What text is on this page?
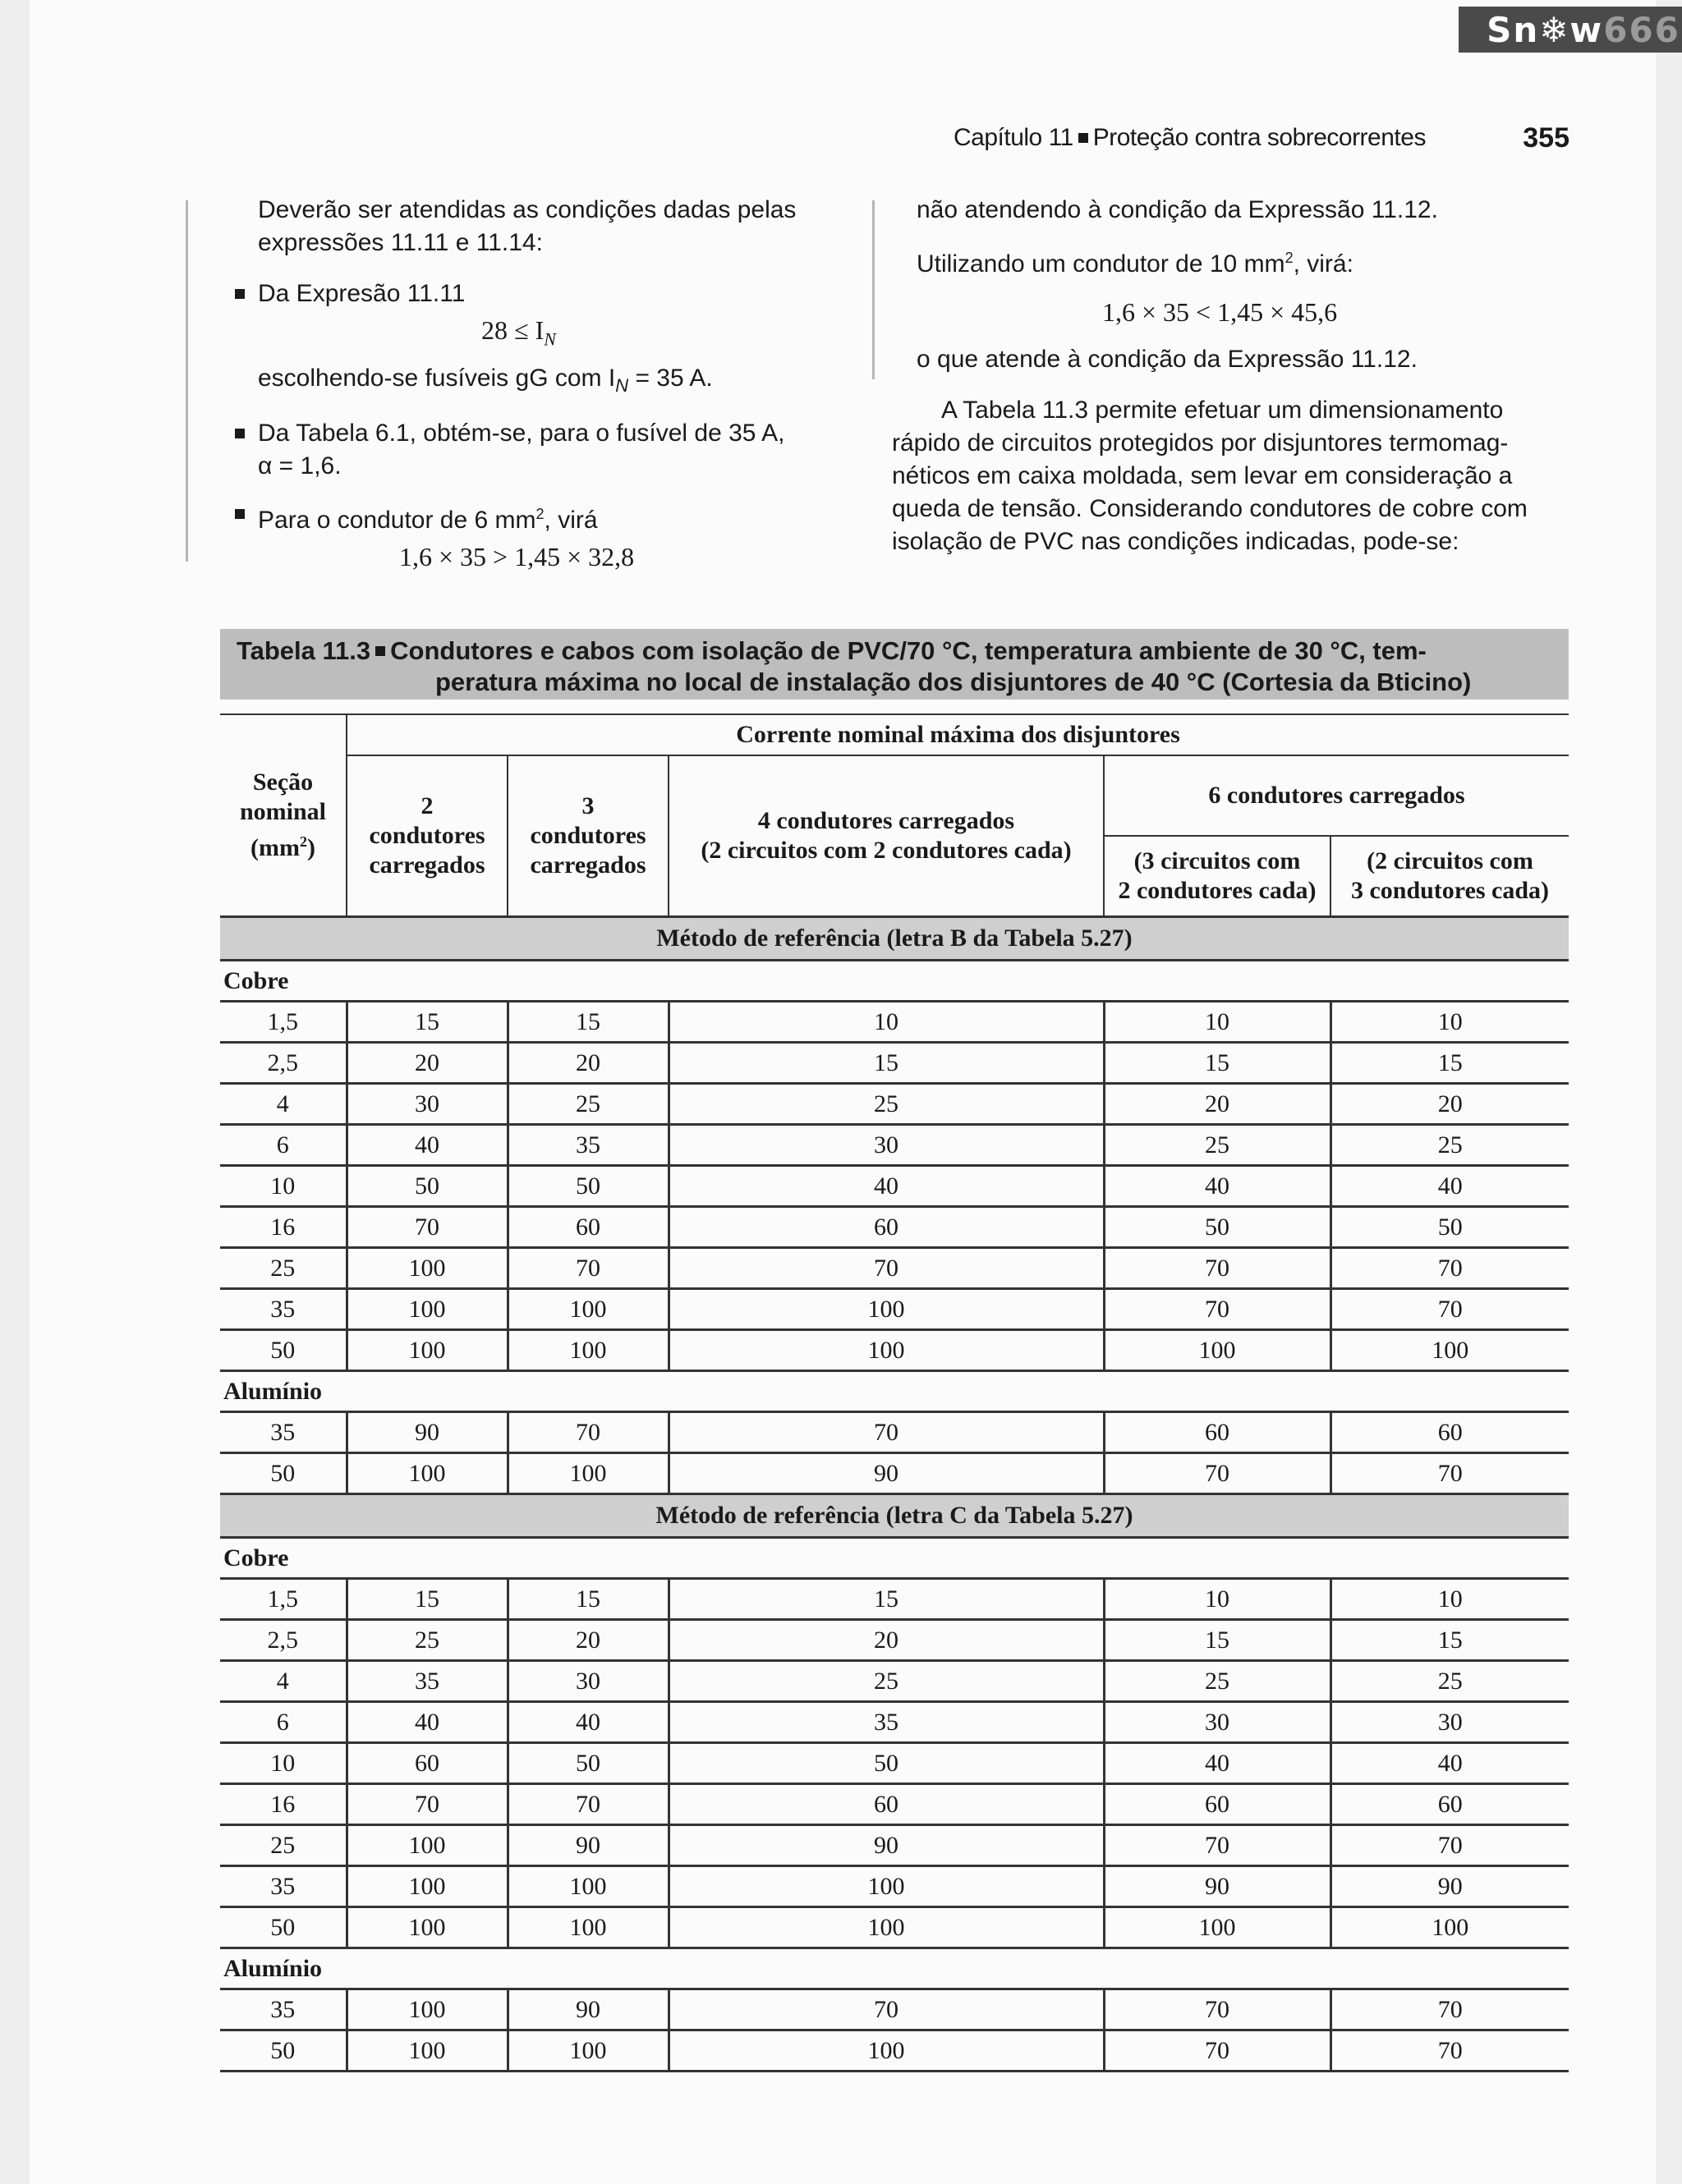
Sn❄w 666
Capítulo 11 Proteção contra sobrecorrentes	355

Deverão ser atendidas as condições dadas pelas expressões 11.11 e 11.14:

Da Expresão 11.11

$28 \le I_N$

escolhendo-se fusíveis gG com $I_N = 35$ A.

Da Tabela 6.1, obtém-se, para o fusível de 35 A,
α = 1,6.

Para o condutor de 6 $mm^2$, virá

1,6 × 35 > 1,45 × 32,8

não atendendo à condição da Expressão 11.12.

Utilizando um condutor de 10 $mm^2$, virá:

1,6 × 35 < 1,45 × 45,6

o que atende à condição da Expressão 11.12.

A Tabela 11.3 permite efetuar um dimensionamento

rápido de circuitos protegidos por disjuntores termomag-

néticos em caixa moldada, sem levar em consideração a

queda de tensão. Considerando condutores de cobre com

isolação de PVC nas condições indicadas, pode-se:

Tabela 11.3 Condutores e cabos com isolação de PVC/70 °C, temperatura ambiente de 30 °C, tem-
peratura máxima no local de instalação dos disjuntores de 40 °C (Cortesia da Bticino)
Seção
nominal
$(mm^2)$	Corrente nominal máxima dos disjuntores				
	2
condutores
carregados	3
condutores
carregados	4 condutores carregados
(2 circuitos com 2 condutores cada)	6 condutores carregados	
				(3 circuitos com
2 condutores cada)	(2 circuitos com
3 condutores cada)
Método de referência (letra B da Tabela 5.27)					
Cobre					
1,5	15	15	10	10	10
2,5	20	20	15	15	15
4	30	25	25	20	20
6	40	35	30	25	25
10	50	50	40	40	40
16	70	60	60	50	50
25	100	70	70	70	70
35	100	100	100	70	70
50	100	100	100	100	100
Alumínio					
35	90	70	70	60	60
50	100	100	90	70	70
Método de referência (letra C da Tabela 5.27)					
Cobre					
1,5	15	15	15	10	10
2,5	25	20	20	15	15
4	35	30	25	25	25
6	40	40	35	30	30
10	60	50	50	40	40
16	70	70	60	60	60
25	100	90	90	70	70
35	100	100	100	90	90
50	100	100	100	100	100
Alumínio					
35	100	90	70	70	70
50	100	100	100	70	70
